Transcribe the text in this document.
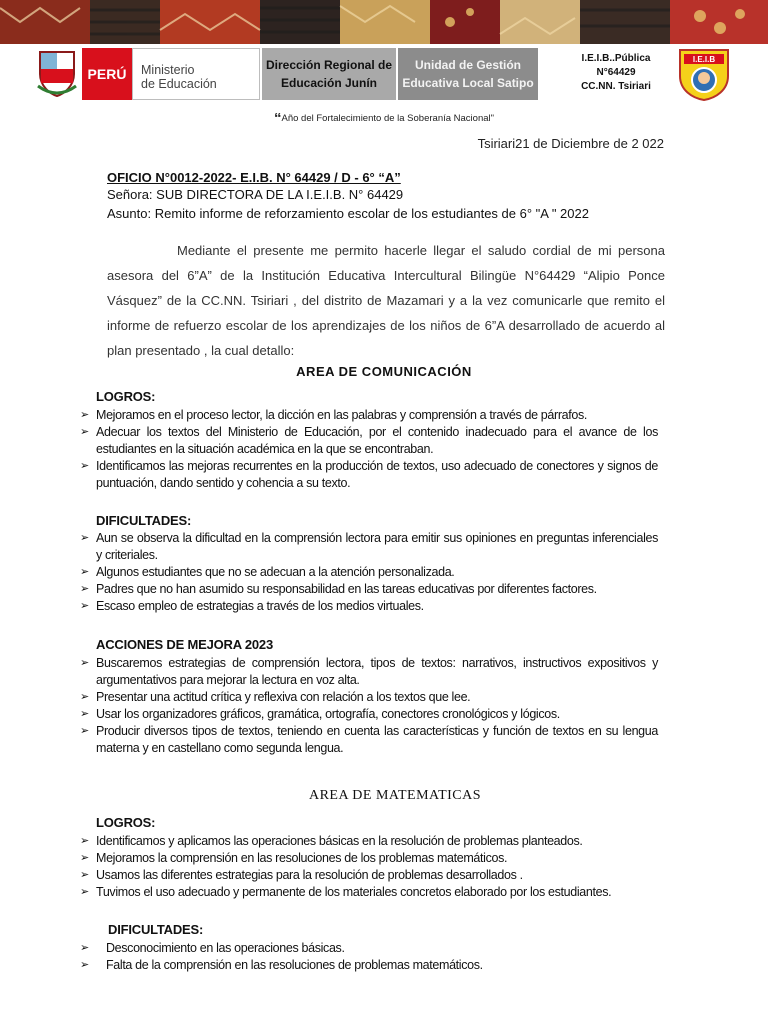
PERÚ Ministerio
de Educación
Dirección Regional de
Educación Junín
Unidad de Gestión
Educativa Local Satipo
I.E.I.B..Pública
N°64429
CC.NN. Tsiriari
I.E.I.B
“Año del Fortalecimiento de la Soberanía Nacional"
Tsiriari21 de Diciembre de 2 022
OFICIO N°0012-2022- E.I.B. N° 64429 / D - 6° “A”
Señora: SUB DIRECTORA DE LA I.E.I.B. N° 64429
Asunto: Remito informe de reforzamiento escolar de los estudiantes de 6° "A " 2022

Mediante el presente me permito hacerle llegar el saludo cordial de mi persona asesora del 6”A” de la Institución Educativa Intercultural Bilingüe N°64429 “Alipio Ponce Vásquez” de la CC.NN. Tsiriari , del distrito de Mazamari y a la vez comunicarle que remito el informe de refuerzo escolar de los aprendizajes de los niños de 6”A desarrollado de acuerdo al plan presentado , la cual detallo:

AREA DE COMUNICACIÓN
LOGROS:
➢ Mejoramos en el proceso lector, la dicción en las palabras y comprensión a través de párrafos.
➢ Adecuar los textos del Ministerio de Educación, por el contenido inadecuado para el avance de los estudiantes en la situación académica en la que se encontraban.
➢ Identificamos las mejoras recurrentes en la producción de textos, uso adecuado de conectores y signos de puntuación, dando sentido y cohencia a su texto.
DIFICULTADES:
➢ Aun se observa la dificultad en la comprensión lectora para emitir sus opiniones en preguntas inferenciales y criteriales.
➢ Algunos estudiantes que no se adecuan a la atención personalizada.
➢ Padres que no han asumido su responsabilidad en las tareas educativas por diferentes factores.
➢ Escaso empleo de estrategias a través de los medios virtuales.
ACCIONES DE MEJORA 2023
➢ Buscaremos estrategias de comprensión lectora, tipos de textos: narrativos, instructivos expositivos y argumentativos para mejorar la lectura en voz alta.
➢ Presentar una actitud crítica y reflexiva con relación a los textos que lee.
➢ Usar los organizadores gráficos, gramática, ortografía, conectores cronológicos y lógicos.
➢ Producir diversos tipos de textos, teniendo en cuenta las características y función de textos en su lengua materna y en castellano como segunda lengua.
AREA DE MATEMATICAS
LOGROS:
➢ Identificamos y aplicamos las operaciones básicas en la resolución de problemas planteados.
➢ Mejoramos la comprensión en las resoluciones de los problemas matemáticos.
➢ Usamos las diferentes estrategias para la resolución de problemas desarrollados .
➢ Tuvimos el uso adecuado y permanente de los materiales concretos elaborado por los estudiantes.
DIFICULTADES:
➢ Desconocimiento en las operaciones básicas.
➢ Falta de la comprensión en las resoluciones de problemas matemáticos.
